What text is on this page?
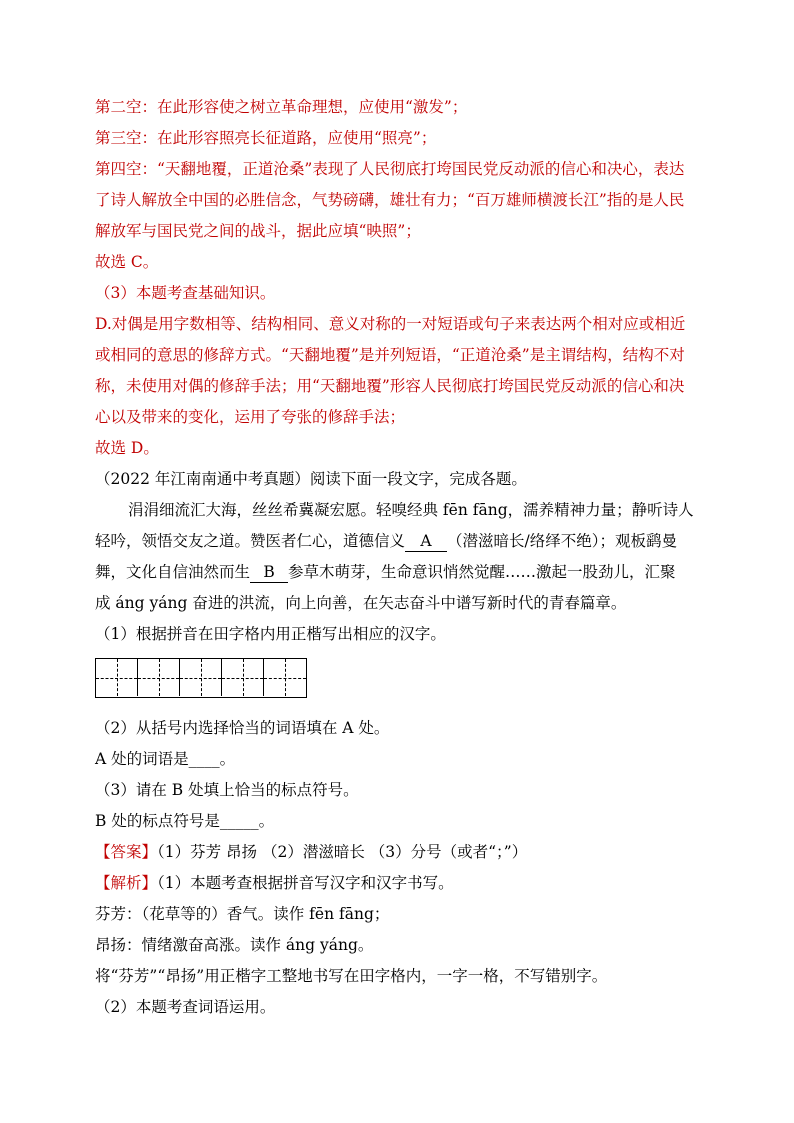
第二空：在此形容使之树立革命理想，应使用“激发”；
第三空：在此形容照亮长征道路，应使用“照亮”；
第四空：“天翻地覆，正道沧桑”表现了人民彻底打垮国民党反动派的信心和决心，表达
了诗人解放全中国的必胜信念，气势磅礴，雄壮有力；“百万雄师横渡长江”指的是人民
解放军与国民党之间的战斗，据此应填“映照”；
故选 C。
（3）本题考查基础知识。
D.对偶是用字数相等、结构相同、意义对称的一对短语或句子来表达两个相对应或相近
或相同的意思的修辞方式。“天翻地覆”是并列短语，“正道沧桑”是主谓结构，结构不对
称，未使用对偶的修辞手法；用“天翻地覆”形容人民彻底打垮国民党反动派的信心和决
心以及带来的变化，运用了夸张的修辞手法；
故选 D。
（2022 年江南南通中考真题）阅读下面一段文字，完成各题。
涓涓细流汇大海，丝丝希冀凝宏愿。轻嗅经典 fēn fāng，濡养精神力量；静听诗人
轻吟，领悟交友之道。赞医者仁心，道德信义 A （潜滋暗长/络绎不绝）；观板鹞曼
舞，文化自信油然而生 B 参草木萌芽，生命意识悄然觉醒……激起一股劲儿，汇聚
成 áng yáng 奋进的洪流，向上向善，在矢志奋斗中谱写新时代的青春篇章。
（1）根据拼音在田字格内用正楷写出相应的汉字。
（2）从括号内选择恰当的词语填在 A 处。
A 处的词语是____。
（3）请在 B 处填上恰当的标点符号。
B 处的标点符号是_____。
【答案】（1）芬芳 昂扬 （2）潜滋暗长 （3）分号（或者“；”）
【解析】（1）本题考查根据拼音写汉字和汉字书写。
芬芳：（花草等的）香气。读作 fēn fāng；
昂扬：情绪激奋高涨。读作 áng yáng。
将“芬芳”“昂扬”用正楷字工整地书写在田字格内，一字一格，不写错别字。
（2）本题考查词语运用。
